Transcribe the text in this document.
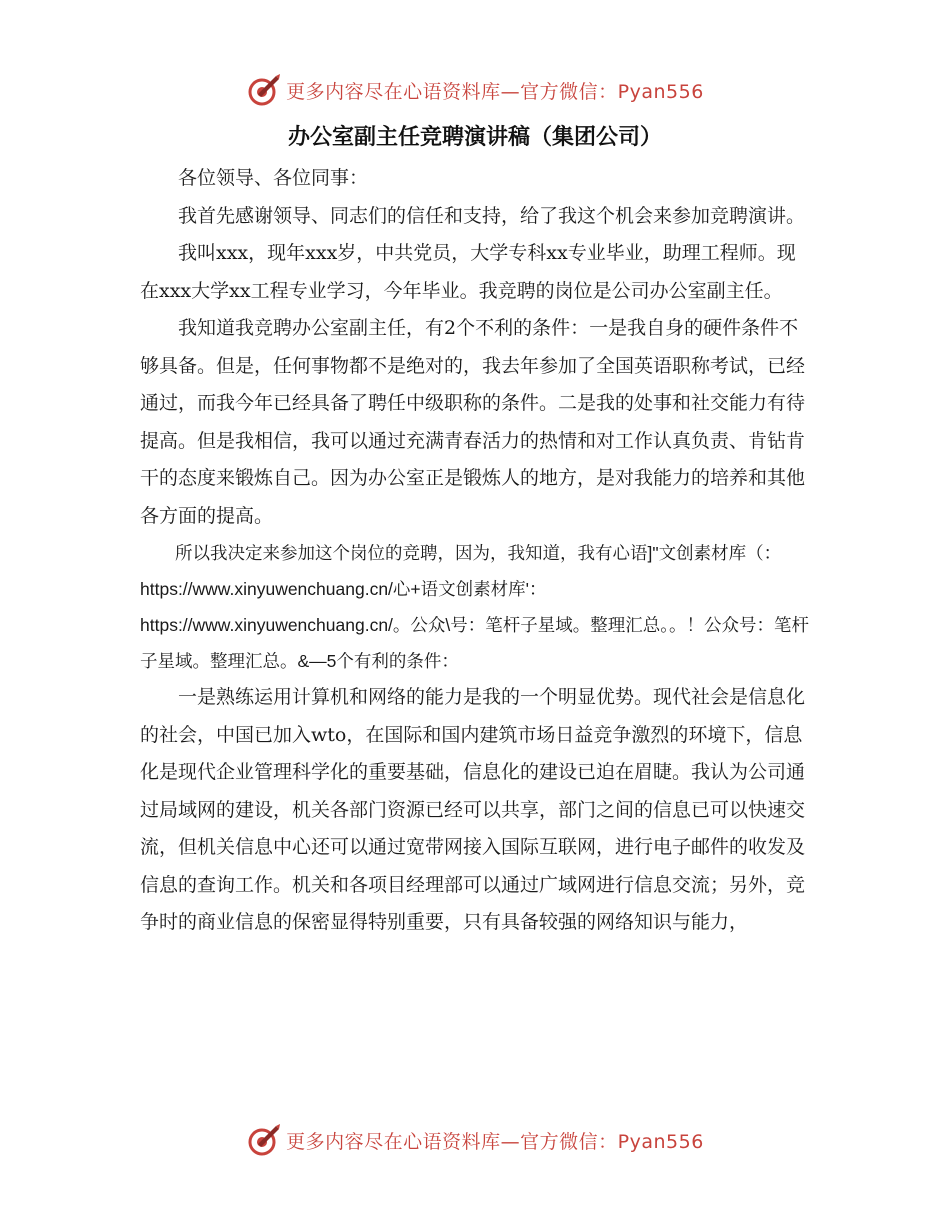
更多内容尽在心语资料库—官方微信：Pyan556
办公室副主任竞聘演讲稿（集团公司）

各位领导、各位同事：

我首先感谢领导、同志们的信任和支持，给了我这个机会来参加竞聘演讲。

我叫xxx，现年xxx岁，中共党员，大学专科xx专业毕业，助理工程师。现在xxx大学xx工程专业学习，今年毕业。我竞聘的岗位是公司办公室副主任。

我知道我竞聘办公室副主任，有2个不利的条件：一是我自身的硬件条件不够具备。但是，任何事物都不是绝对的，我去年参加了全国英语职称考试，已经通过，而我今年已经具备了聘任中级职称的条件。二是我的处事和社交能力有待提高。但是我相信，我可以通过充满青春活力的热情和对工作认真负责、肯钻肯干的态度来锻炼自己。因为办公室正是锻炼人的地方，是对我能力的培养和其他各方面的提高。

所以我决定来参加这个岗位的竞聘，因为，我知道，我有心语]"文创素材库（：https://www.xinyuwenchuang.cn/心+语文创素材库'：https://www.xinyuwenchuang.cn/。公众\号：笔杆子星域。整理汇总。。！公众号：笔杆子星域。整理汇总。&—5个有利的条件：

一是熟练运用计算机和网络的能力是我的一个明显优势。现代社会是信息化的社会，中国已加入wto，在国际和国内建筑市场日益竞争激烈的环境下，信息化是现代企业管理科学化的重要基础，信息化的建设已迫在眉睫。我认为公司通过局域网的建设，机关各部门资源已经可以共享，部门之间的信息已可以快速交流，但机关信息中心还可以通过宽带网接入国际互联网，进行电子邮件的收发及信息的查询工作。机关和各项目经理部可以通过广域网进行信息交流；另外，竞争时的商业信息的保密显得特别重要，只有具备较强的网络知识与能力，

更多内容尽在心语资料库—官方微信：Pyan556
